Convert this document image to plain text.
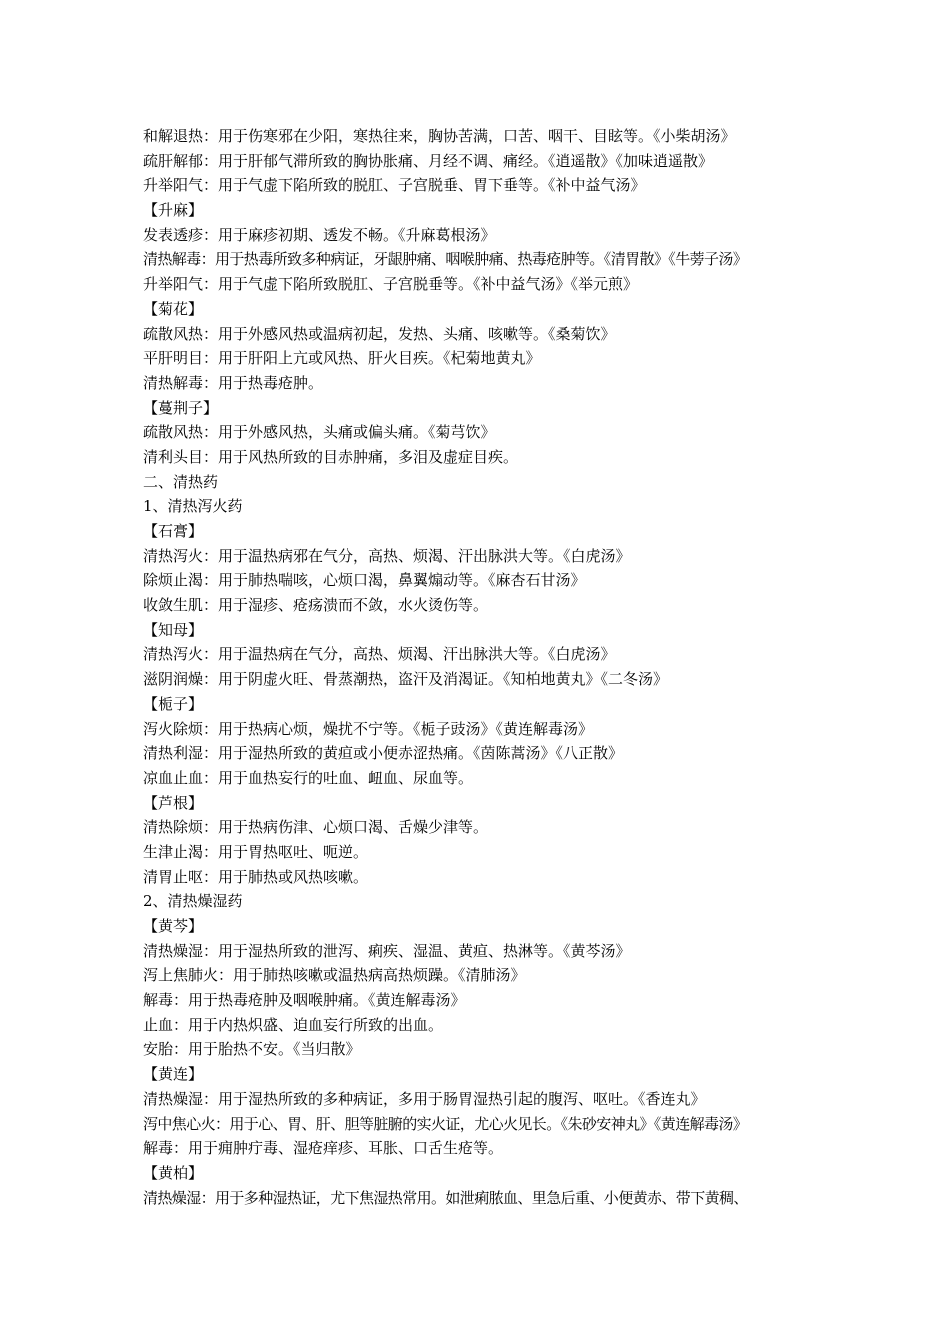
和解退热：用于伤寒邪在少阳，寒热往来，胸协苦满，口苦、咽干、目眩等。《小柴胡汤》
疏肝解郁：用于肝郁气滞所致的胸协胀痛、月经不调、痛经。《逍遥散》《加味逍遥散》
升举阳气：用于气虚下陷所致的脱肛、子宫脱垂、胃下垂等。《补中益气汤》
【升麻】
发表透疹：用于麻疹初期、透发不畅。《升麻葛根汤》
清热解毒：用于热毒所致多种病证，牙龈肿痛、咽喉肿痛、热毒疮肿等。《清胃散》《牛蒡子汤》
升举阳气：用于气虚下陷所致脱肛、子宫脱垂等。《补中益气汤》《举元煎》
【菊花】
疏散风热：用于外感风热或温病初起，发热、头痛、咳嗽等。《桑菊饮》
平肝明目：用于肝阳上亢或风热、肝火目疾。《杞菊地黄丸》
清热解毒：用于热毒疮肿。
【蔓荆子】
疏散风热：用于外感风热，头痛或偏头痛。《菊芎饮》
清利头目：用于风热所致的目赤肿痛，多泪及虚症目疾。
二、清热药
1、清热泻火药
【石膏】
清热泻火：用于温热病邪在气分，高热、烦渴、汗出脉洪大等。《白虎汤》
除烦止渴：用于肺热喘咳，心烦口渴，鼻翼煽动等。《麻杏石甘汤》
收敛生肌：用于湿疹、疮疡溃而不敛，水火烫伤等。
【知母】
清热泻火：用于温热病在气分，高热、烦渴、汗出脉洪大等。《白虎汤》
滋阴润燥：用于阴虚火旺、骨蒸潮热，盗汗及消渴证。《知柏地黄丸》《二冬汤》
【栀子】
泻火除烦：用于热病心烦，燥扰不宁等。《栀子豉汤》《黄连解毒汤》
清热利湿：用于湿热所致的黄疸或小便赤涩热痛。《茵陈蒿汤》《八正散》
凉血止血：用于血热妄行的吐血、衄血、尿血等。
【芦根】
清热除烦：用于热病伤津、心烦口渴、舌燥少津等。
生津止渴：用于胃热呕吐、呃逆。
清胃止呕：用于肺热或风热咳嗽。
2、清热燥湿药
【黄芩】
清热燥湿：用于湿热所致的泄泻、痢疾、湿温、黄疸、热淋等。《黄芩汤》
泻上焦肺火：用于肺热咳嗽或温热病高热烦躁。《清肺汤》
解毒：用于热毒疮肿及咽喉肿痛。《黄连解毒汤》
止血：用于内热炽盛、迫血妄行所致的出血。
安胎：用于胎热不安。《当归散》
【黄连】
清热燥湿：用于湿热所致的多种病证，多用于肠胃湿热引起的腹泻、呕吐。《香连丸》
泻中焦心火：用于心、胃、肝、胆等脏腑的实火证，尤心火见长。《朱砂安神丸》《黄连解毒汤》
解毒：用于痈肿疔毒、湿疮痒疹、耳胀、口舌生疮等。
【黄柏】
清热燥湿：用于多种湿热证，尤下焦湿热常用。如泄痢脓血、里急后重、小便黄赤、带下黄稠、
